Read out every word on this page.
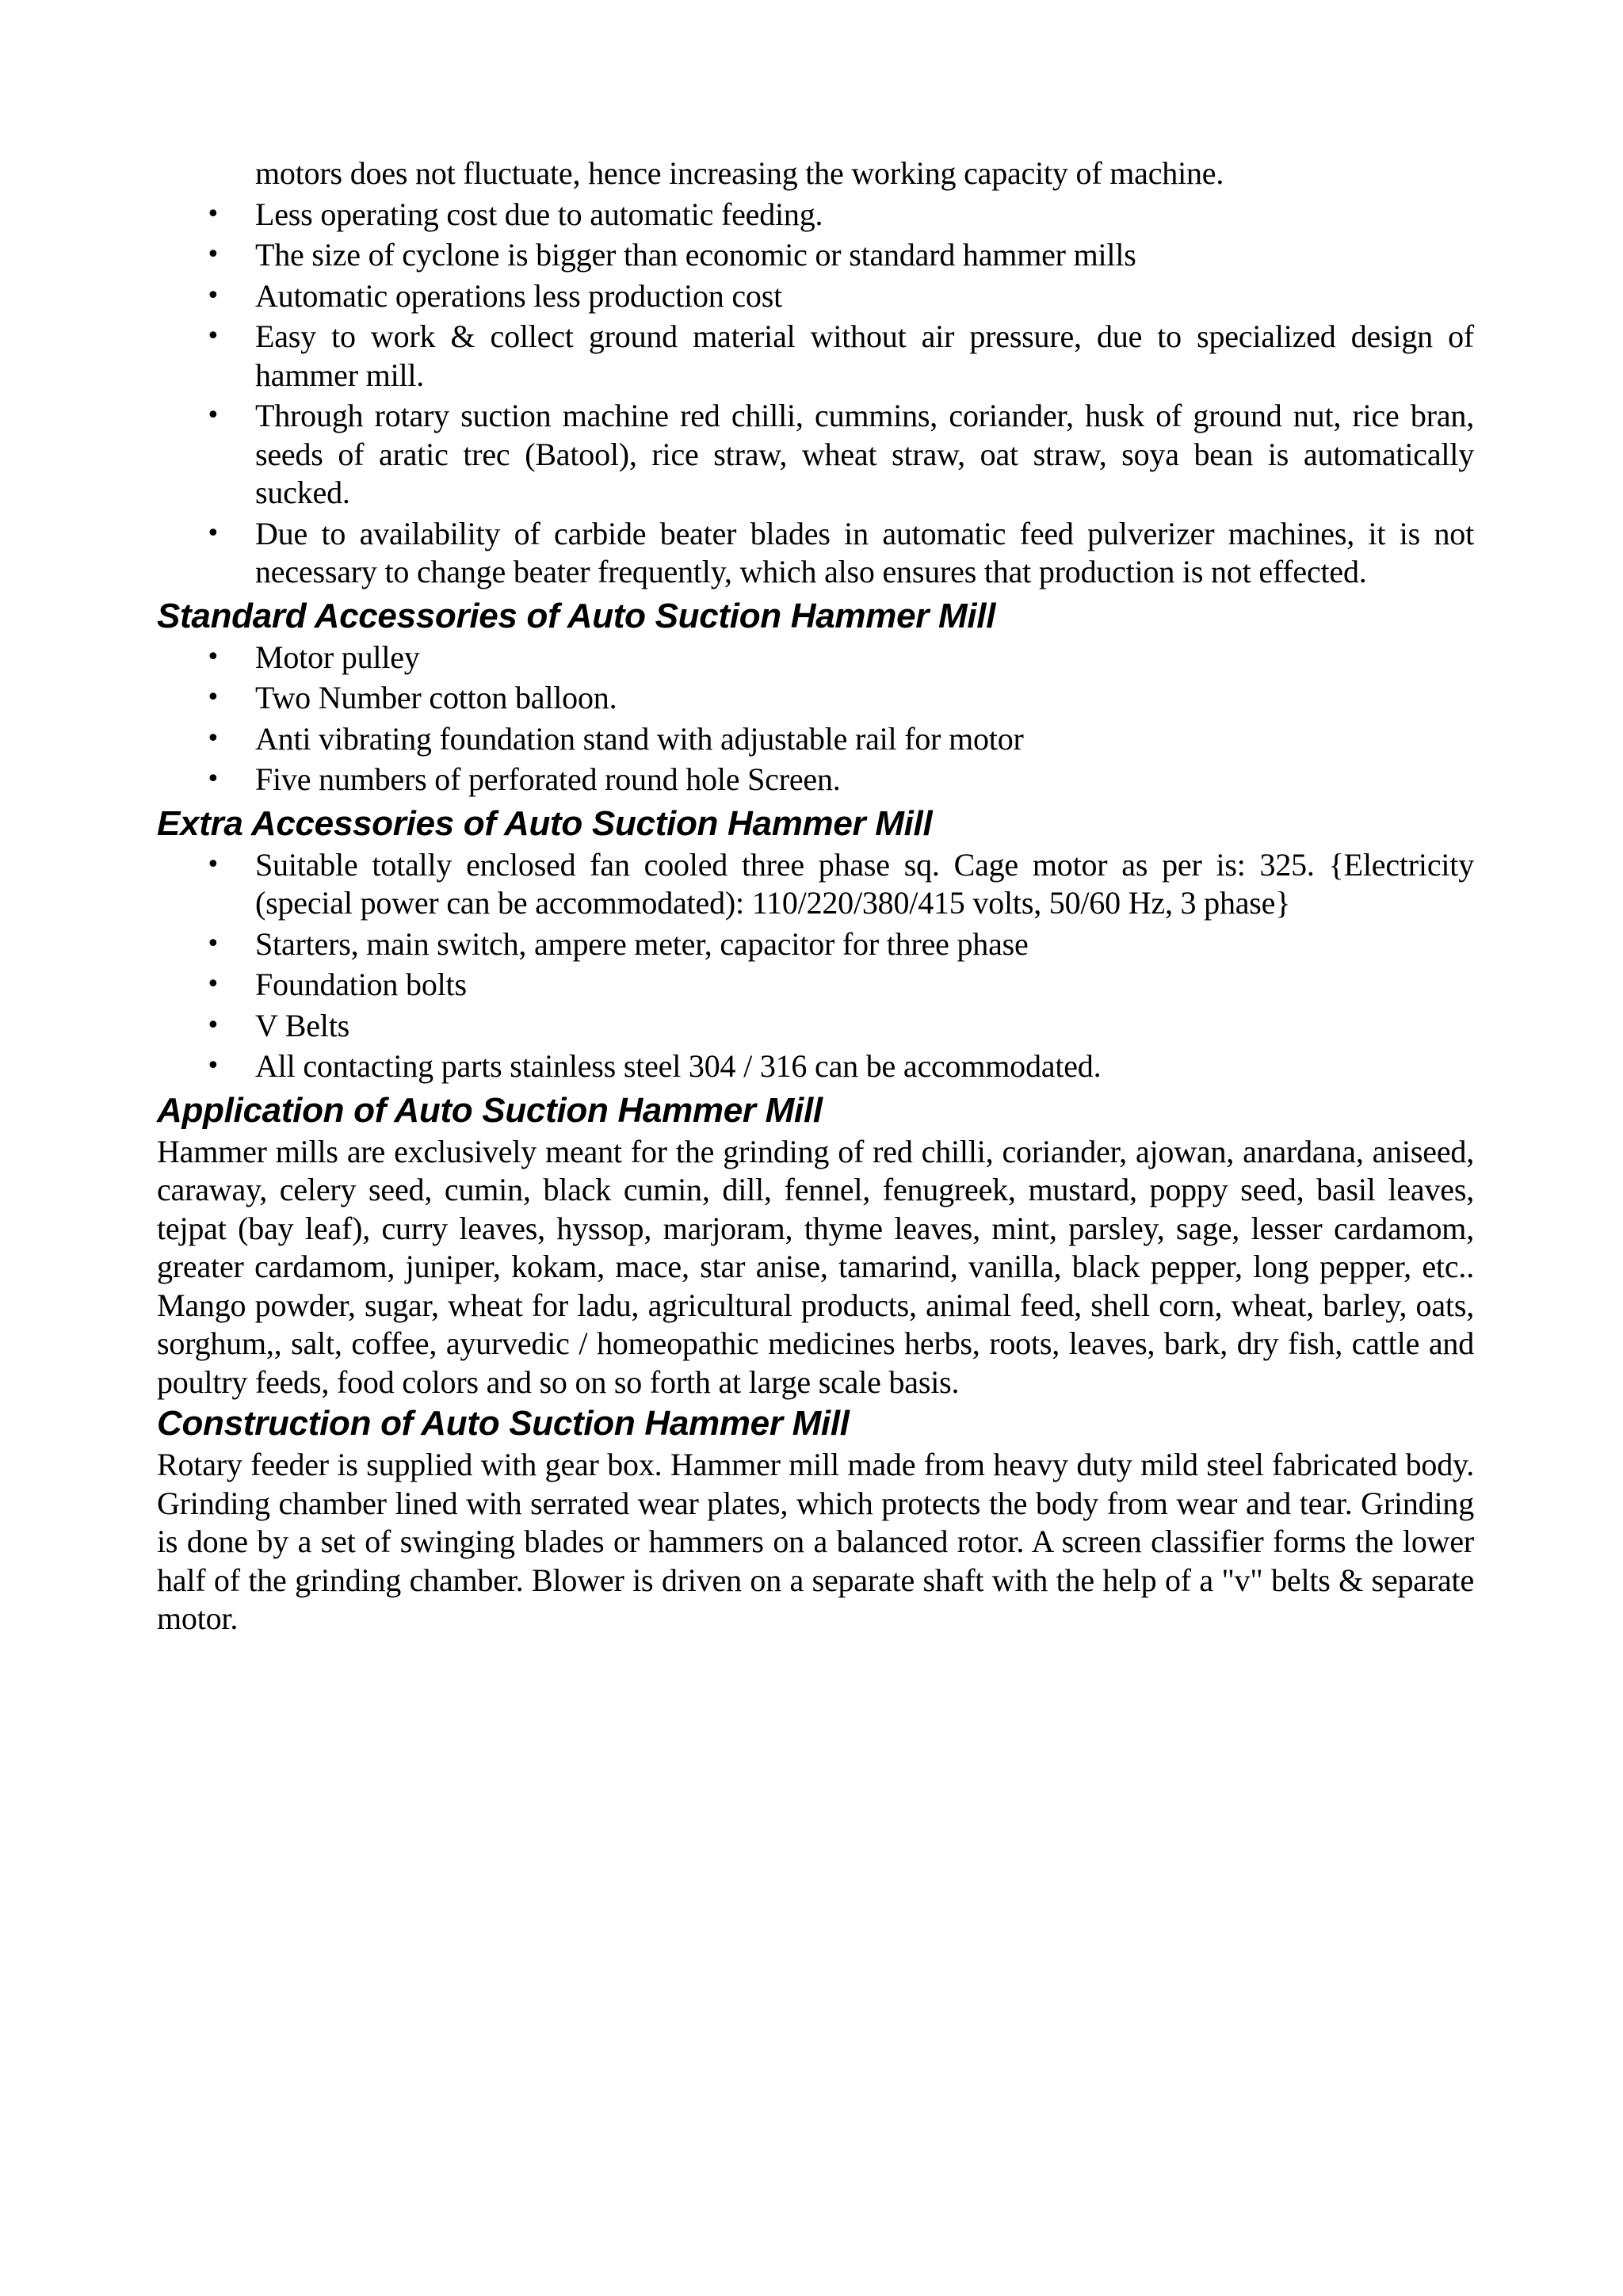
motors does not fluctuate, hence increasing the working capacity of machine.
• Less operating cost due to automatic feeding.
• The size of cyclone is bigger than economic or standard hammer mills
• Automatic operations less production cost
• Easy to work & collect ground material without air pressure, due to specialized design of hammer mill.
• Through rotary suction machine red chilli, cummins, coriander, husk of ground nut, rice bran, seeds of aratic trec (Batool), rice straw, wheat straw, oat straw, soya bean is automatically sucked.
• Due to availability of carbide beater blades in automatic feed pulverizer machines, it is not necessary to change beater frequently, which also ensures that production is not effected.
Standard Accessories of Auto Suction Hammer Mill
• Motor pulley
• Two Number cotton balloon.
• Anti vibrating foundation stand with adjustable rail for motor
• Five numbers of perforated round hole Screen.
Extra Accessories of Auto Suction Hammer Mill
• Suitable totally enclosed fan cooled three phase sq. Cage motor as per is: 325. {Electricity (special power can be accommodated): 110/220/380/415 volts, 50/60 Hz, 3 phase}
• Starters, main switch, ampere meter, capacitor for three phase
• Foundation bolts
• V Belts
• All contacting parts stainless steel 304 / 316 can be accommodated.
Application of Auto Suction Hammer Mill

Hammer mills are exclusively meant for the grinding of red chilli, coriander, ajowan, anardana, aniseed, caraway, celery seed, cumin, black cumin, dill, fennel, fenugreek, mustard, poppy seed, basil leaves, tejpat (bay leaf), curry leaves, hyssop, marjoram, thyme leaves, mint, parsley, sage, lesser cardamom, greater cardamom, juniper, kokam, mace, star anise, tamarind, vanilla, black pepper, long pepper, etc.. Mango powder, sugar, wheat for ladu, agricultural products, animal feed, shell corn, wheat, barley, oats, sorghum,, salt, coffee, ayurvedic / homeopathic medicines herbs, roots, leaves, bark, dry fish, cattle and poultry feeds, food colors and so on so forth at large scale basis.

Construction of Auto Suction Hammer Mill

Rotary feeder is supplied with gear box. Hammer mill made from heavy duty mild steel fabricated body. Grinding chamber lined with serrated wear plates, which protects the body from wear and tear. Grinding is done by a set of swinging blades or hammers on a balanced rotor. A screen classifier forms the lower half of the grinding chamber. Blower is driven on a separate shaft with the help of a "v" belts & separate motor.
